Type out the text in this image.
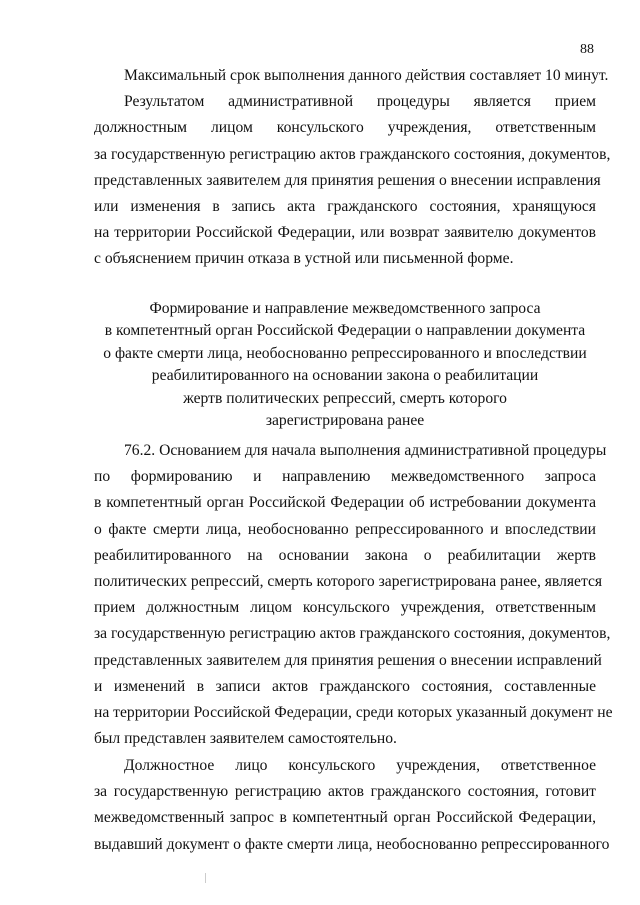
88
Максимальный срок выполнения данного действия составляет 10 минут.
Результатом административной процедуры является прием
должностным лицом консульского учреждения, ответственным
за государственную регистрацию актов гражданского состояния, документов,
представленных заявителем для принятия решения о внесении исправления
или изменения в запись акта гражданского состояния, хранящуюся
на территории Российской Федерации, или возврат заявителю документов
с объяснением причин отказа в устной или письменной форме.
Формирование и направление межведомственного запроса
в компетентный орган Российской Федерации о направлении документа
о факте смерти лица, необоснованно репрессированного и впоследствии
реабилитированного на основании закона о реабилитации
жертв политических репрессий, смерть которого
зарегистрирована ранее
76.2. Основанием для начала выполнения административной процедуры
по формированию и направлению межведомственного запроса
в компетентный орган Российской Федерации об истребовании документа
о факте смерти лица, необоснованно репрессированного и впоследствии
реабилитированного на основании закона о реабилитации жертв
политических репрессий, смерть которого зарегистрирована ранее, является
прием должностным лицом консульского учреждения, ответственным
за государственную регистрацию актов гражданского состояния, документов,
представленных заявителем для принятия решения о внесении исправлений
и изменений в записи актов гражданского состояния, составленные
на территории Российской Федерации, среди которых указанный документ не
был представлен заявителем самостоятельно.
Должностное лицо консульского учреждения, ответственное
за государственную регистрацию актов гражданского состояния, готовит
межведомственный запрос в компетентный орган Российской Федерации,
выдавший документ о факте смерти лица, необоснованно репрессированного
